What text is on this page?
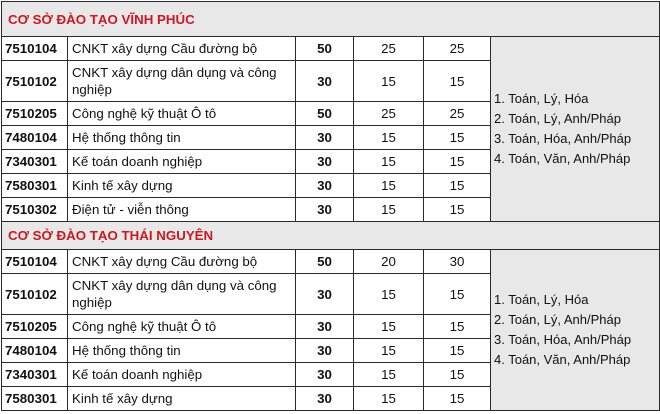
CƠ SỞ ĐÀO TẠO VĨNH PHÚC					
7510104	CNKT xây dựng Cầu đường bộ	50	25	25	1. Toán, Lý, Hóa
2. Toán, Lý, Anh/Pháp
3. Toán, Hóa, Anh/Pháp
4. Toán, Văn, Anh/Pháp

7510102	CNKT xây dựng dân dụng và công nghiệp	30	15	15	
7510205	Công nghệ kỹ thuật Ô tô	50	25	25	
7480104	Hệ thống thông tin	30	15	15	
7340301	Kế toán doanh nghiệp	30	15	15	
7580301	Kinh tế xây dựng	30	15	15	
7510302	Điện tử - viễn thông	30	15	15	
CƠ SỞ ĐÀO TẠO THÁI NGUYÊN					
7510104	CNKT xây dựng Cầu đường bộ	50	20	30	1. Toán, Lý, Hóa
2. Toán, Lý, Anh/Pháp
3. Toán, Hóa, Anh/Pháp
4. Toán, Văn, Anh/Pháp

7510102	CNKT xây dựng dân dụng và công nghiệp	30	15	15	
7510205	Công nghệ kỹ thuật Ô tô	30	15	15	
7480104	Hệ thống thông tin	30	15	15	
7340301	Kế toán doanh nghiệp	30	15	15	
7580301	Kinh tế xây dựng	30	15	15	
